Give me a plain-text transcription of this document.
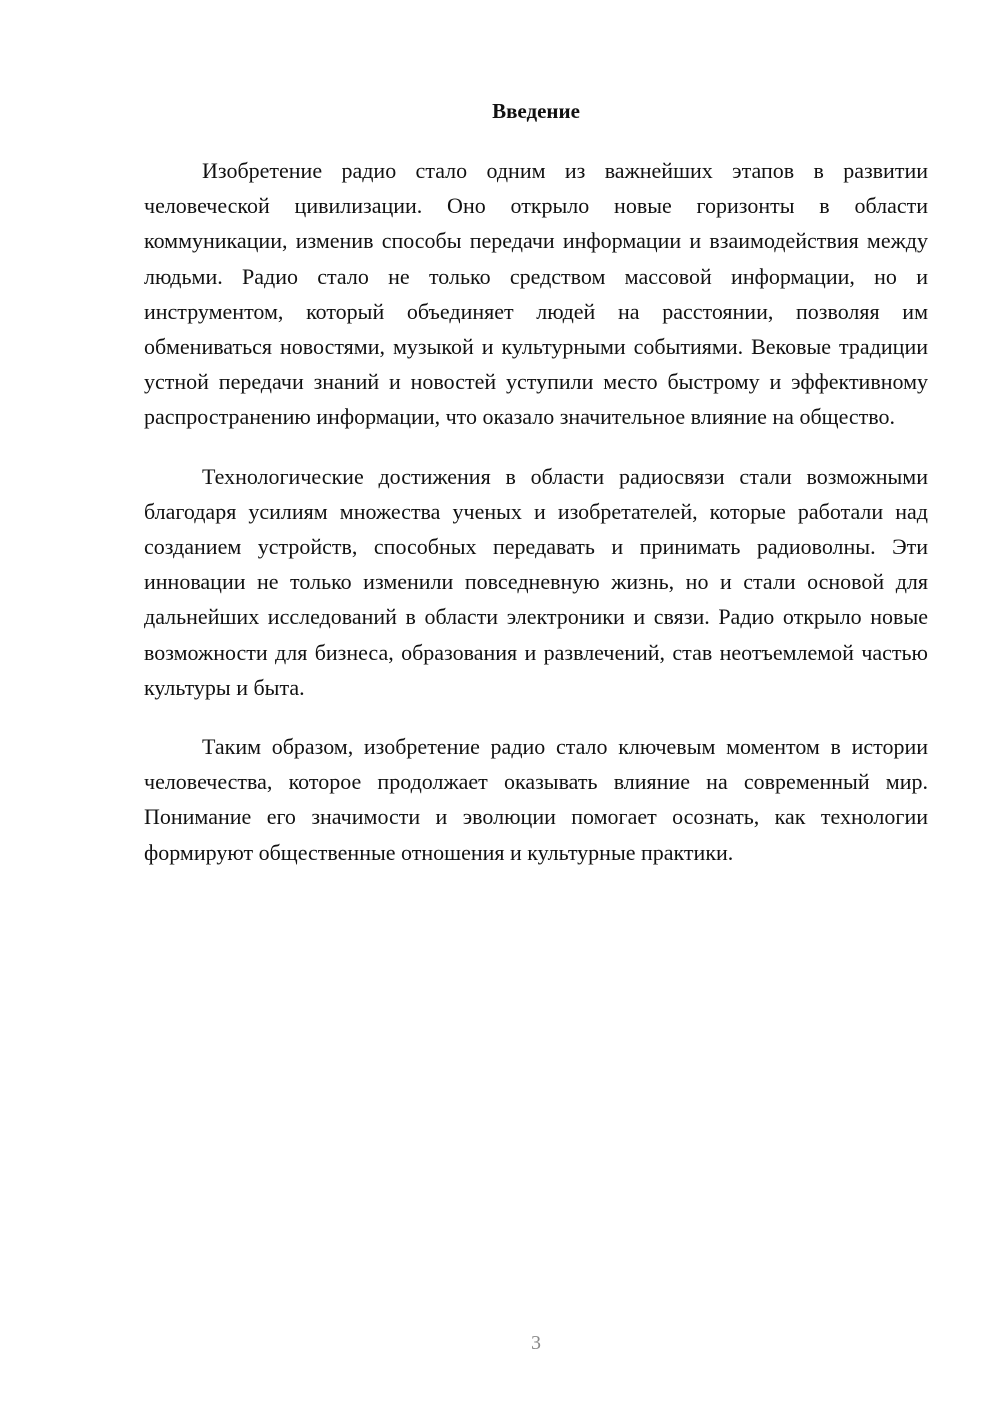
Введение

Изобретение радио стало одним из важнейших этапов в развитии человеческой цивилизации. Оно открыло новые горизонты в области коммуникации, изменив способы передачи информации и взаимодействия между людьми. Радио стало не только средством массовой информации, но и инструментом, который объединяет людей на расстоянии, позволяя им обмениваться новостями, музыкой и культурными событиями. Вековые традиции устной передачи знаний и новостей уступили место быстрому и эффективному распространению информации, что оказало значительное влияние на общество.

Технологические достижения в области радиосвязи стали возможными благодаря усилиям множества ученых и изобретателей, которые работали над созданием устройств, способных передавать и принимать радиоволны. Эти инновации не только изменили повседневную жизнь, но и стали основой для дальнейших исследований в области электроники и связи. Радио открыло новые возможности для бизнеса, образования и развлечений, став неотъемлемой частью культуры и быта.

Таким образом, изобретение радио стало ключевым моментом в истории человечества, которое продолжает оказывать влияние на современный мир. Понимание его значимости и эволюции помогает осознать, как технологии формируют общественные отношения и культурные практики.

3
